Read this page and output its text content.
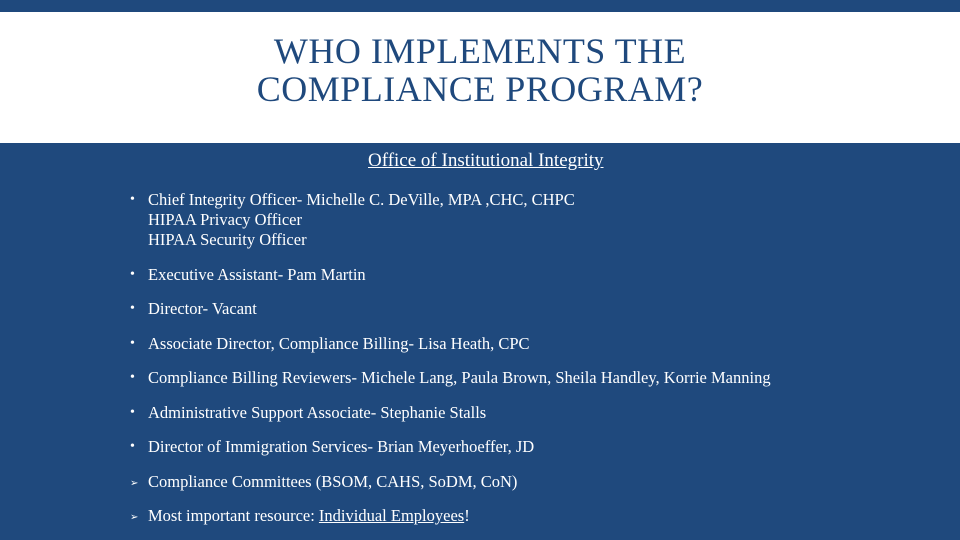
WHO IMPLEMENTS THE
COMPLIANCE PROGRAM?
Office of Institutional Integrity
• Chief Integrity Officer- Michelle C. DeVille, MPA ,CHC, CHPC
HIPAA Privacy Officer
HIPAA Security Officer
• Executive Assistant- Pam Martin
• Director- Vacant
• Associate Director, Compliance Billing- Lisa Heath, CPC
• Compliance Billing Reviewers- Michele Lang, Paula Brown, Sheila Handley, Korrie Manning
• Administrative Support Associate- Stephanie Stalls
• Director of Immigration Services- Brian Meyerhoeffer, JD
➢ Compliance Committees (BSOM, CAHS, SoDM, CoN)
➢ Most important resource: Individual Employees!
